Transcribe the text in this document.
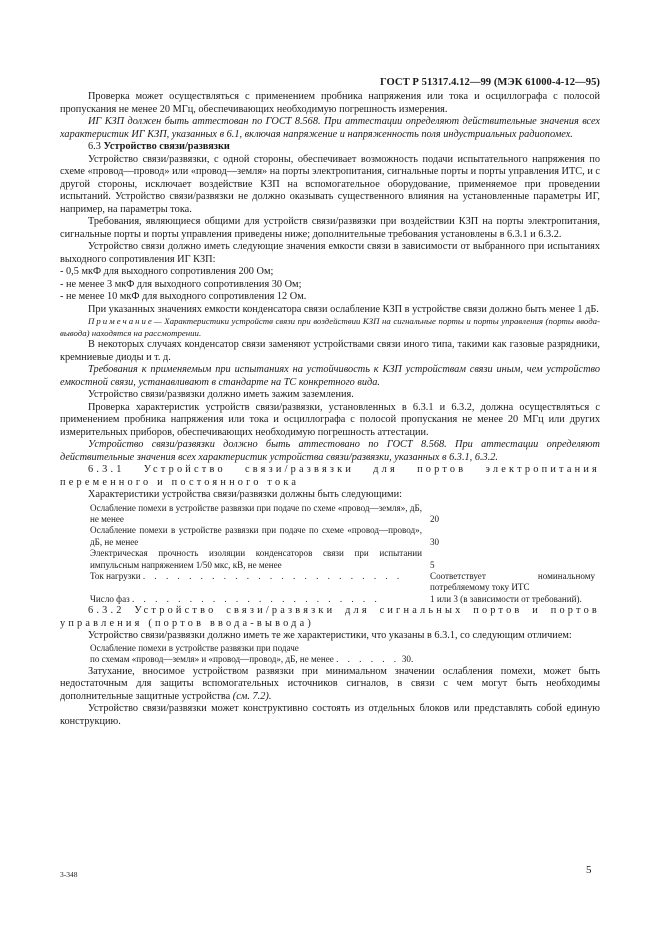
ГОСТ Р 51317.4.12—99 (МЭК 61000-4-12—95)

Проверка может осуществляться с применением пробника напряжения или тока и осциллографа с полосой пропускания не менее 20 МГц, обеспечивающих необходимую погрешность измерения.

ИГ КЗП должен быть аттестован по ГОСТ 8.568. При аттестации определяют действительные значения всех характеристик ИГ КЗП, указанных в 6.1, включая напряжение и напряженность поля индустриальных радиопомех.

6.3 Устройство связи/развязки

Устройство связи/развязки, с одной стороны, обеспечивает возможность подачи испытательного напряжения по схеме «провод—провод» или «провод—земля» на порты электропитания, сигнальные порты и порты управления ИТС, и с другой стороны, исключает воздействие КЗП на вспомогательное оборудование, применяемое при проведении испытаний. Устройство связи/развязки не должно оказывать существенного влияния на установленные параметры ИГ, например, на параметры тока.

Требования, являющиеся общими для устройств связи/развязки при воздействии КЗП на порты электропитания, сигнальные порты и порты управления приведены ниже; дополнительные требования установлены в 6.3.1 и 6.3.2.

Устройство связи должно иметь следующие значения емкости связи в зависимости от выбранного при испытаниях выходного сопротивления ИГ КЗП:

- 0,5 мкФ для выходного сопротивления 200 Ом;

- не менее 3 мкФ для выходного сопротивления 30 Ом;

- не менее 10 мкФ для выходного сопротивления 12 Ом.

При указанных значениях емкости конденсатора связи ослабление КЗП в устройстве связи должно быть менее 1 дБ.

Примечание— Характеристики устройств связи при воздействии КЗП на сигнальные порты и порты управления (порты ввода-вывода) находятся на рассмотрении.

В некоторых случаях конденсатор связи заменяют устройствами связи иного типа, такими как газовые разрядники, кремниевые диоды и т. д.

Требования к применяемым при испытаниях на устойчивость к КЗП устройствам связи иным, чем устройство емкостной связи, устанавливают в стандарте на ТС конкретного вида.

Устройство связи/развязки должно иметь зажим заземления.

Проверка характеристик устройств связи/развязки, установленных в 6.3.1 и 6.3.2, должна осуществляться с применением пробника напряжения или тока и осциллографа с полосой пропускания не менее 20 МГц или других измерительных приборов, обеспечивающих необходимую погрешность аттестации.

Устройство связи/развязки должно быть аттестовано по ГОСТ 8.568. При аттестации определяют действительные значения всех характеристик устройства связи/развязки, указанных в 6.3.1, 6.3.2.

6.3.1 Устройство связи/развязки для портов электропитания переменного и постоянного тока

Характеристики устройства связи/развязки должны быть следующими:

Ослабление помехи в устройстве развязки при подаче по схеме «провод—земля», дБ, не менее	20
Ослабление помехи в устройстве развязки при подаче по схеме «провод—провод», дБ, не менее	30
Электрическая прочность изоляции конденсаторов связи при испытании импульсным напряжением 1/50 мкс, кВ, не менее	5
Ток нагрузки . . . . . . . . . . . . . . . . . . . . . . .	Соответствует номинальному потребляемому току ИТС
Число фаз . . . . . . . . . . . . . . . . . . . . . .	1 или 3 (в зависимости от требований).

6.3.2 Устройство связи/развязки для сигнальных портов и портов управления (портов ввода-вывода)

Устройство связи/развязки должно иметь те же характеристики, что указаны в 6.3.1, со следующим отличием:

Ослабление помехи в устройстве развязки при подаче

по схемам «провод—земля» и «провод—провод», дБ, не менее . . . . . . 30.

Затухание, вносимое устройством развязки при минимальном значении ослабления помехи, может быть недостаточным для защиты вспомогательных источников сигналов, в связи с чем могут быть необходимы дополнительные защитные устройства (см. 7.2).

Устройство связи/развязки может конструктивно состоять из отдельных блоков или представлять собой единую конструкцию.

3-348	5
